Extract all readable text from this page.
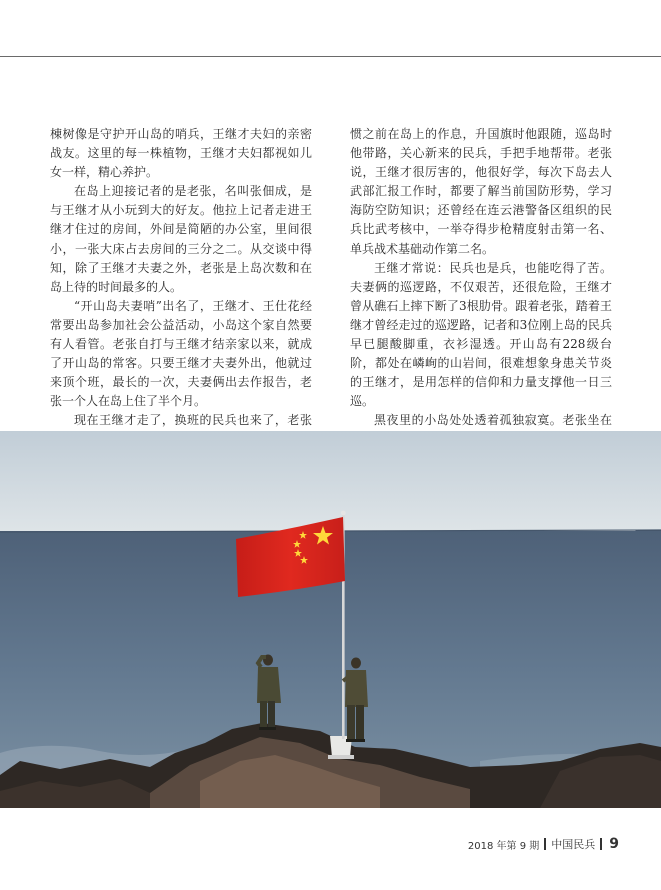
棟树像是守护开山岛的哨兵，王继才夫妇的亲密战友。这里的每一株植物，王继才夫妇都视如儿女一样，精心养护。

在岛上迎接记者的是老张，名叫张佃成，是与王继才从小玩到大的好友。他拉上记者走进王继才住过的房间，外间是简陋的办公室，里间很小，一张大床占去房间的三分之二。从交谈中得知，除了王继才夫妻之外，老张是上岛次数和在岛上待的时间最多的人。

“开山岛夫妻哨”出名了，王继才、王仕花经常要出岛参加社会公益活动，小岛这个家自然要有人看管。老张自打与王继才结亲家以来，就成了开山岛的常客。只要王继才夫妻外出，他就过来顶个班，最长的一次，夫妻俩出去作报告，老张一个人在岛上住了半个月。

现在王继才走了，换班的民兵也来了，老张

惯之前在岛上的作息，升国旗时他跟随，巡岛时他带路，关心新来的民兵，手把手地帮带。老张说，王继才很厉害的，他很好学，每次下岛去人武部汇报工作时，都要了解当前国防形势，学习海防空防知识；还曾经在连云港警备区组织的民兵比武考核中，一举夺得步枪精度射击第一名、单兵战术基础动作第二名。

王继才常说：民兵也是兵，也能吃得了苦。夫妻俩的巡逻路，不仅艰苦，还很危险，王继才曾从礁石上摔下断了3根肋骨。跟着老张，踏着王继才曾经走过的巡逻路，记者和3位刚上岛的民兵早已腿酸脚重，衣衫湿透。开山岛有228级台阶，都处在嶙峋的山岩间，很难想象身患关节炎的王继才，是用怎样的信仰和力量支撑他一日三巡。

黑夜里的小岛处处透着孤独寂寞。老张坐在

2018 年第 9 期 中国民兵 9
